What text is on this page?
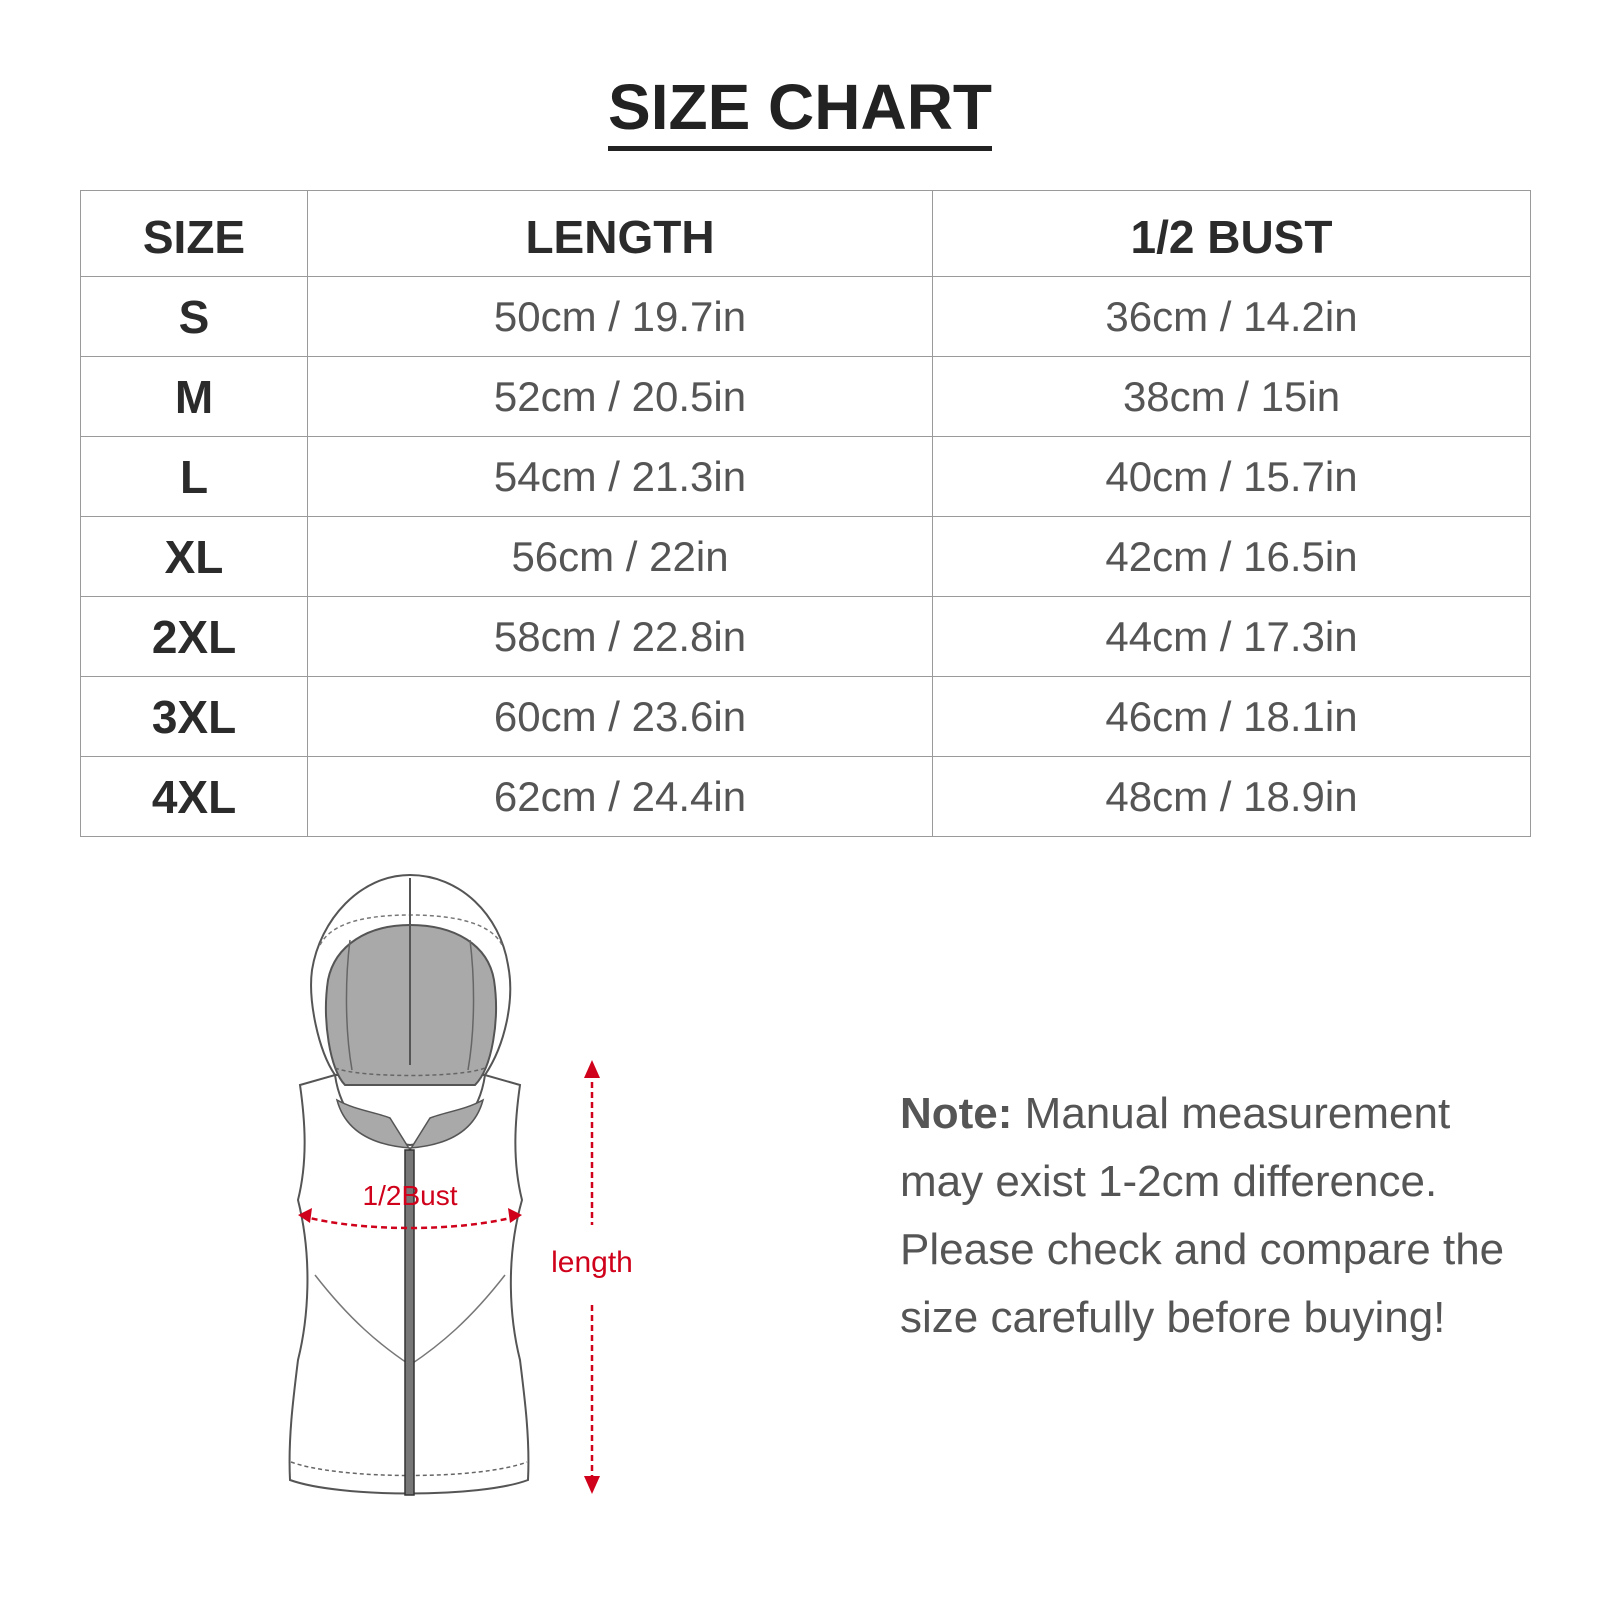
SIZE CHART
SIZE	LENGTH	1/2 BUST
S	50cm / 19.7in	36cm / 14.2in
M	52cm / 20.5in	38cm / 15in
L	54cm / 21.3in	40cm / 15.7in
XL	56cm / 22in	42cm / 16.5in
2XL	58cm / 22.8in	44cm / 17.3in
3XL	60cm / 23.6in	46cm / 18.1in
4XL	62cm / 24.4in	48cm / 18.9in
1/2Bust
length
Note: Manual measurement may exist 1-2cm difference. Please check and compare the size carefully before buying!
